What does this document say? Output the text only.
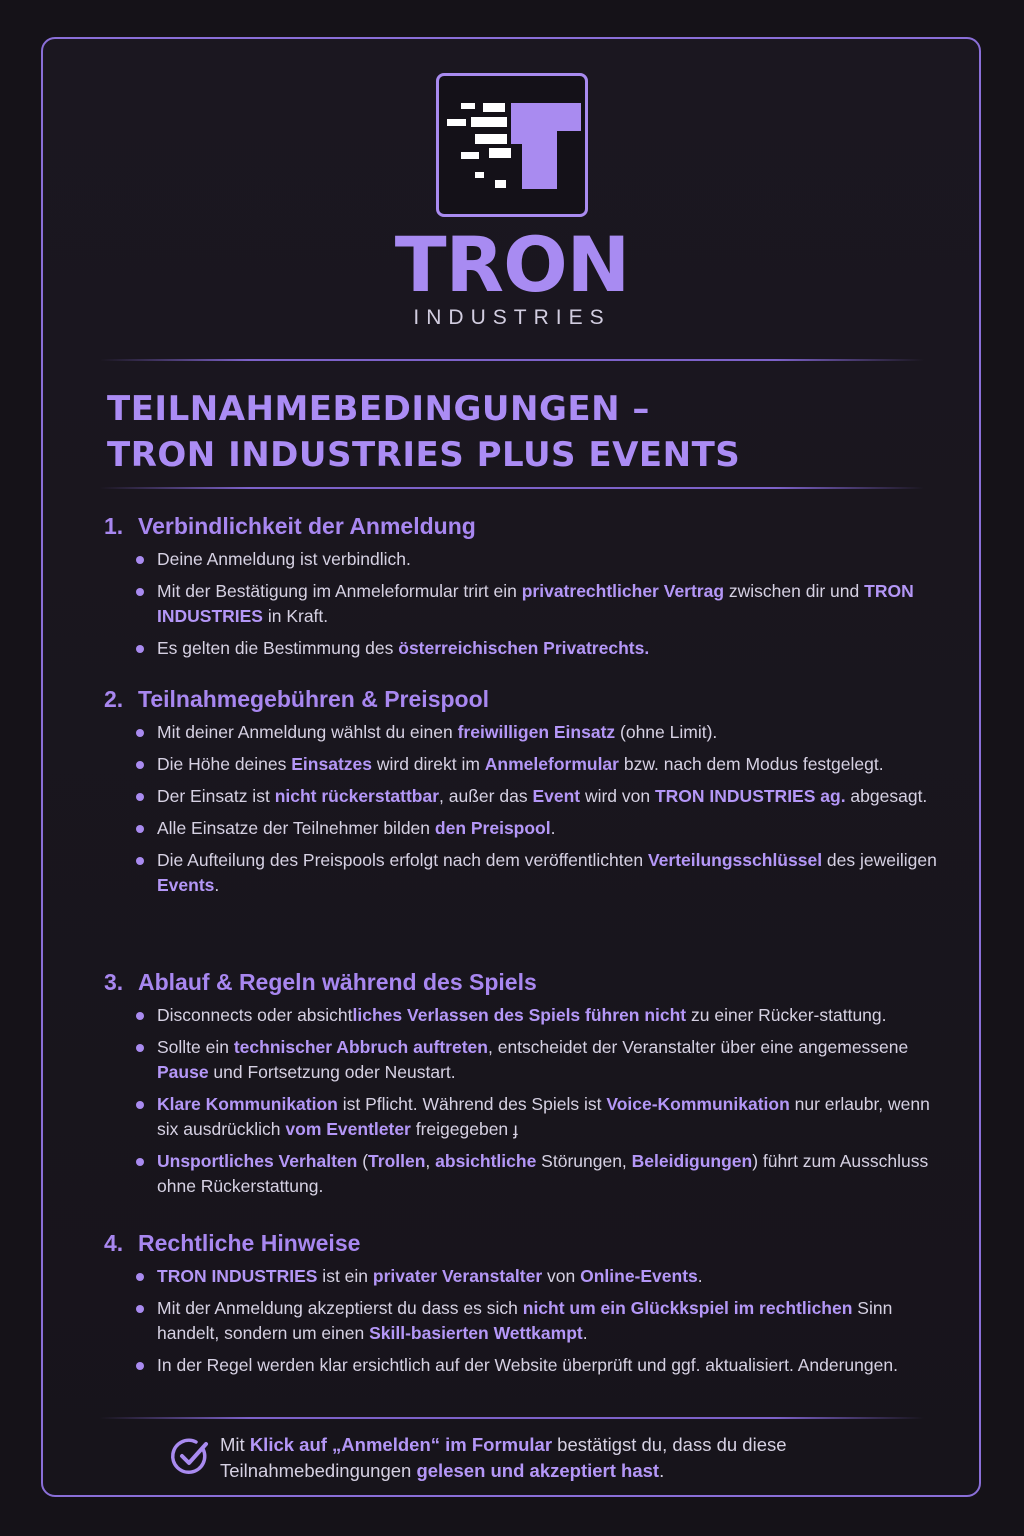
TRON
INDUSTRIES
TEILNAHMEBEDINGUNGEN –
TRON INDUSTRIES PLUS EVENTS
1. Verbindlichkeit der Anmeldung
Deine Anmeldung ist verbindlich.
Mit der Bestätigung im Anmeleformular trirt ein privatrechtlicher Vertrag zwischen dir und TRON INDUSTRIES in Kraft.
Es gelten die Bestimmung des österreichischen Privatrechts.
2. Teilnahmegebühren & Preispool
Mit deiner Anmeldung wählst du einen freiwilligen Einsatz (ohne Limit).
Die Höhe deines Einsatzes wird direkt im Anmeleformular bzw. nach dem Modus festgelegt.
Der Einsatz ist nicht rückerstattbar, außer das Event wird von TRON INDUSTRIES ag. abgesagt.
Alle Einsatze der Teilnehmer bilden den Preispool.
Die Aufteilung des Preispools erfolgt nach dem veröffentlichten Verteilungsschlüssel des jeweiligen Events.
3. Ablauf & Regeln während des Spiels
Disconnects oder absichtliches Verlassen des Spiels führen nicht zu einer Rücker-stattung.
Sollte ein technischer Abbruch auftreten, entscheidet der Veranstalter über eine angemessene Pause und Fortsetzung oder Neustart.
Klare Kommunikation ist Pflicht. Während des Spiels ist Voice-Kommunikation nur erlaubr, wenn six ausdrücklich vom Eventleter freigegeben ɟ
Unsportliches Verhalten (Trollen, absichtliche Störungen, Beleidigungen) führt zum Ausschluss ohne Rückerstattung.
4. Rechtliche Hinweise
TRON INDUSTRIES ist ein privater Veranstalter von Online-Events.
Mit der Anmeldung akzeptierst du dass es sich nicht um ein Glückkspiel im rechtlichen Sinn handelt, sondern um einen Skill-basierten Wettkampt.
In der Regel werden klar ersichtlich auf der Website überprüft und ggf. aktualisiert. Anderungen.
Mit Klick auf „Anmelden“ im Formular bestätigst du, dass du diese Teilnahmebedingungen gelesen und akzeptiert hast.
